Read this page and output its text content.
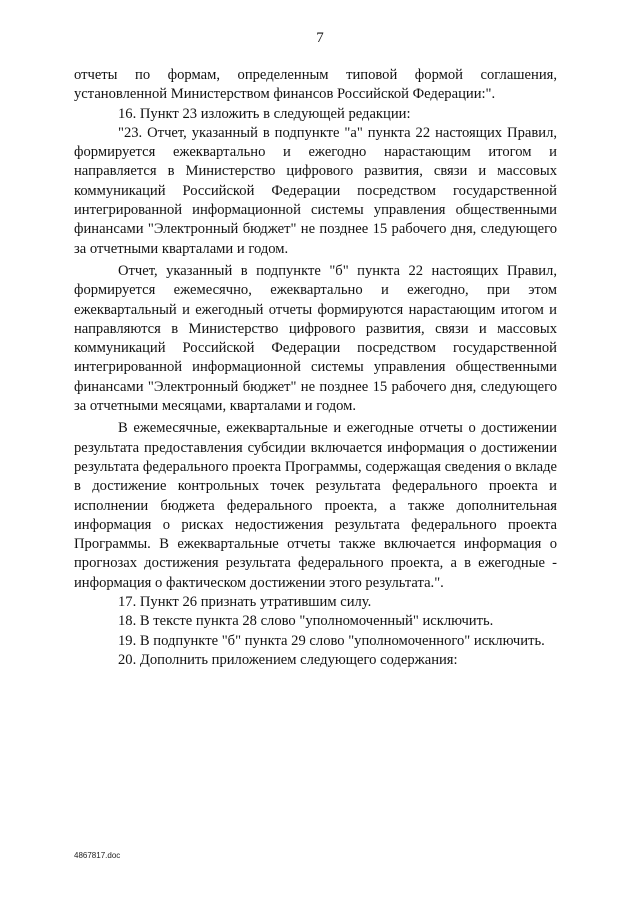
7

отчеты по формам, определенным типовой формой соглашения, установленной Министерством финансов Российской Федерации:".

16. Пункт 23 изложить в следующей редакции:

"23. Отчет, указанный в подпункте "а" пункта 22 настоящих Правил, формируется ежеквартально и ежегодно нарастающим итогом и направляется в Министерство цифрового развития, связи и массовых коммуникаций Российской Федерации посредством государственной интегрированной информационной системы управления общественными финансами "Электронный бюджет" не позднее 15 рабочего дня, следующего за отчетными кварталами и годом.

Отчет, указанный в подпункте "б" пункта 22 настоящих Правил, формируется ежемесячно, ежеквартально и ежегодно, при этом ежеквартальный и ежегодный отчеты формируются нарастающим итогом и направляются в Министерство цифрового развития, связи и массовых коммуникаций Российской Федерации посредством государственной интегрированной информационной системы управления общественными финансами "Электронный бюджет" не позднее 15 рабочего дня, следующего за отчетными месяцами, кварталами и годом.

В ежемесячные, ежеквартальные и ежегодные отчеты о достижении результата предоставления субсидии включается информация о достижении результата федерального проекта Программы, содержащая сведения о вкладе в достижение контрольных точек результата федерального проекта и исполнении бюджета федерального проекта, а также дополнительная информация о рисках недостижения результата федерального проекта Программы. В ежеквартальные отчеты также включается информация о прогнозах достижения результата федерального проекта, а в ежегодные - информация о фактическом достижении этого результата.".

17. Пункт 26 признать утратившим силу.

18. В тексте пункта 28 слово "уполномоченный" исключить.

19. В подпункте "б" пункта 29 слово "уполномоченного" исключить.

20. Дополнить приложением следующего содержания:

4867817.doc
